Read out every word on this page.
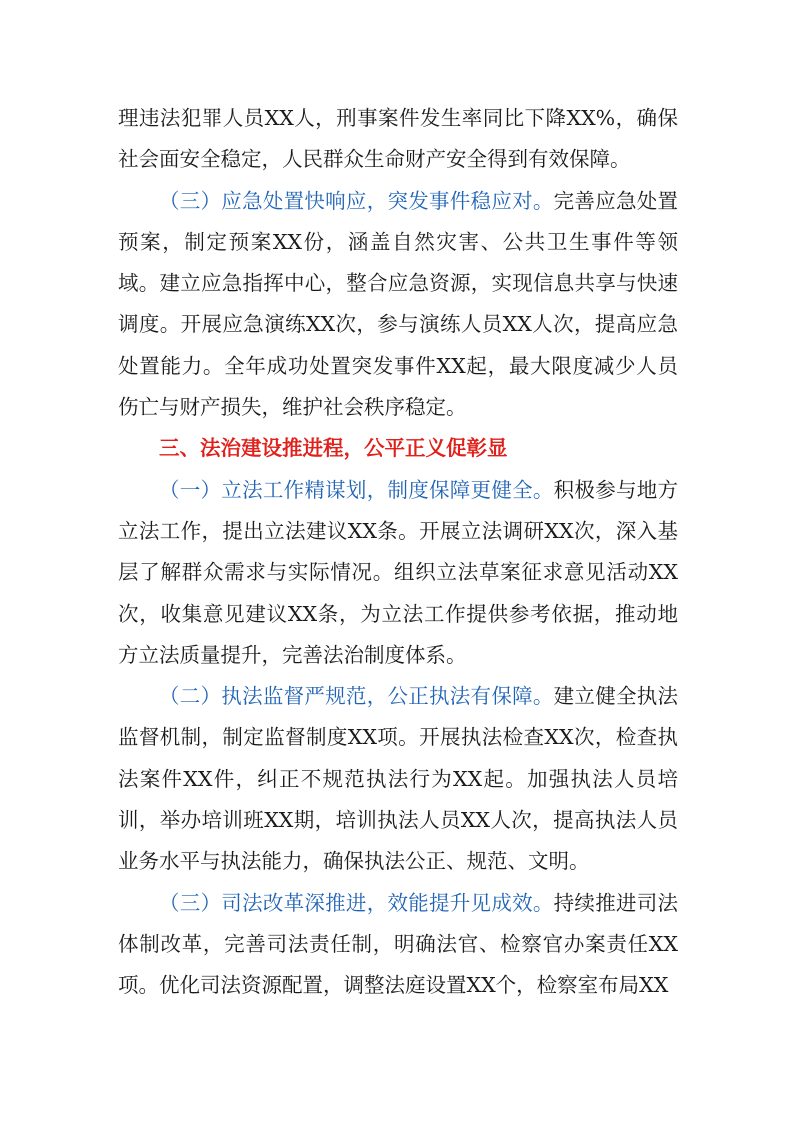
理违法犯罪人员XX人，刑事案件发生率同比下降XX%，确保社会面安全稳定，人民群众生命财产安全得到有效保障。

（三）应急处置快响应，突发事件稳应对。完善应急处置预案，制定预案XX份，涵盖自然灾害、公共卫生事件等领域。建立应急指挥中心，整合应急资源，实现信息共享与快速调度。开展应急演练XX次，参与演练人员XX人次，提高应急处置能力。全年成功处置突发事件XX起，最大限度减少人员伤亡与财产损失，维护社会秩序稳定。

三、法治建设推进程，公平正义促彰显

（一）立法工作精谋划，制度保障更健全。积极参与地方立法工作，提出立法建议XX条。开展立法调研XX次，深入基层了解群众需求与实际情况。组织立法草案征求意见活动XX次，收集意见建议XX条，为立法工作提供参考依据，推动地方立法质量提升，完善法治制度体系。

（二）执法监督严规范，公正执法有保障。建立健全执法监督机制，制定监督制度XX项。开展执法检查XX次，检查执法案件XX件，纠正不规范执法行为XX起。加强执法人员培训，举办培训班XX期，培训执法人员XX人次，提高执法人员业务水平与执法能力，确保执法公正、规范、文明。

（三）司法改革深推进，效能提升见成效。持续推进司法体制改革，完善司法责任制，明确法官、检察官办案责任XX项。优化司法资源配置，调整法庭设置XX个，检察室布局XX
